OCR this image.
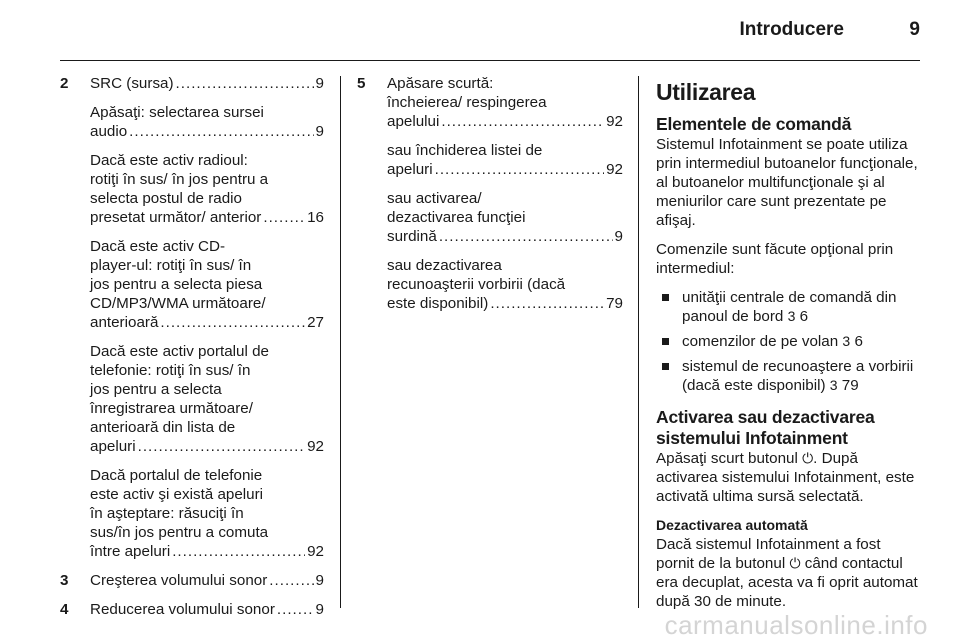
Introducere	9
2 SRC (sursa) .....	9
Apăsaţi: selectarea sursei
audio .....	9
Dacă este activ radioul:
rotiţi în sus/ în jos pentru a
selecta postul de radio
presetat următor/ anterior .....	16
Dacă este activ CD-
player-ul: rotiţi în sus/ în
jos pentru a selecta piesa
CD/MP3/WMA următoare/
anterioară .....	27
Dacă este activ portalul de
telefonie: rotiţi în sus/ în
jos pentru a selecta
înregistrarea următoare/
anterioară din lista de
apeluri .....	92
Dacă portalul de telefonie
este activ şi există apeluri
în aşteptare: răsuciţi în
sus/în jos pentru a comuta
între apeluri .....	92
3 Creşterea volumului sonor .....	9
4 Reducerea volumului sonor .....	9
5 Apăsare scurtă:
încheierea/ respingerea
apelului .....	92
sau închiderea listei de
apeluri .....	92
sau activarea/
dezactivarea funcţiei
surdină .....	9
sau dezactivarea
recunoaşterii vorbirii (dacă
este disponibil) .....	79
Utilizarea
Elementele de comandă

Sistemul Infotainment se poate utiliza prin intermediul butoanelor funcţionale, al butoanelor multifuncţionale şi al meniurilor care sunt prezentate pe afişaj.

Comenzile sunt făcute opţional prin intermediul:

unităţii centrale de comandă din panoul de bord 3 6
comenzilor de pe volan 3 6
sistemul de recunoaştere a vorbirii (dacă este disponibil) 3 79
Activarea sau dezactivarea sistemului Infotainment

Apăsaţi scurt butonul ⏻. După activarea sistemului Infotainment, este activată ultima sursă selectată.

Dezactivarea automată

Dacă sistemul Infotainment a fost pornit de la butonul ⏻ când contactul era decuplat, acesta va fi oprit automat după 30 de minute.

carmanualsonline.info
